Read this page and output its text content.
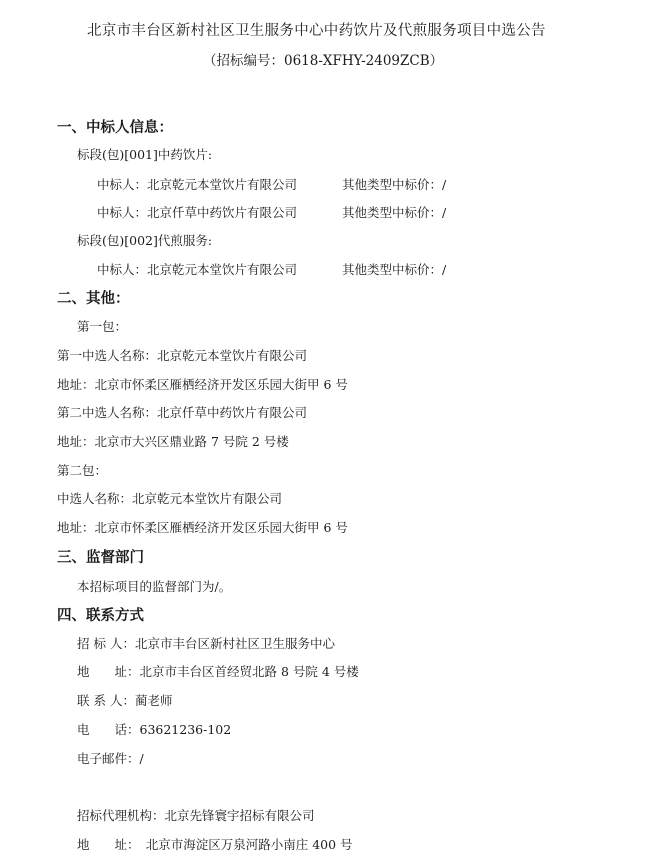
北京市丰台区新村社区卫生服务中心中药饮片及代煎服务项目中选公告
（招标编号：0618-XFHY-2409ZCB）
一、中标人信息：
标段(包)[001]中药饮片:
中标人：北京乾元本堂饮片有限公司	其他类型中标价：/
中标人：北京仟草中药饮片有限公司	其他类型中标价：/
标段(包)[002]代煎服务:
中标人：北京乾元本堂饮片有限公司	其他类型中标价：/
二、其他：
第一包：
第一中选人名称：北京乾元本堂饮片有限公司
地址：北京市怀柔区雁栖经济开发区乐园大街甲 6 号
第二中选人名称：北京仟草中药饮片有限公司
地址：北京市大兴区鼎业路 7 号院 2 号楼
第二包：
中选人名称：北京乾元本堂饮片有限公司
地址：北京市怀柔区雁栖经济开发区乐园大街甲 6 号
三、监督部门
本招标项目的监督部门为/。
四、联系方式
招 标 人：北京市丰台区新村社区卫生服务中心
地　　址：北京市丰台区首经贸北路 8 号院 4 号楼
联 系 人：蔺老师
电　　话：63621236-102
电子邮件：/
招标代理机构：北京先锋寰宇招标有限公司
地　　址：　北京市海淀区万泉河路小南庄 400 号
